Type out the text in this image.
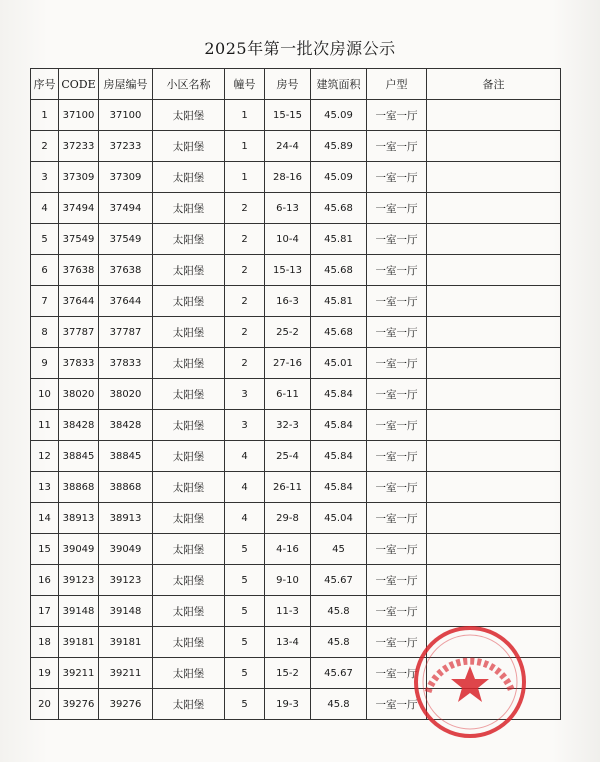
2025年第一批次房源公示
序号	CODE	房屋编号	小区名称	幢号	房号	建筑面积	户型	备注
1	37100	37100	太阳堡	1	15-15	45.09	一室一厅	
2	37233	37233	太阳堡	1	24-4	45.89	一室一厅	
3	37309	37309	太阳堡	1	28-16	45.09	一室一厅	
4	37494	37494	太阳堡	2	6-13	45.68	一室一厅	
5	37549	37549	太阳堡	2	10-4	45.81	一室一厅	
6	37638	37638	太阳堡	2	15-13	45.68	一室一厅	
7	37644	37644	太阳堡	2	16-3	45.81	一室一厅	
8	37787	37787	太阳堡	2	25-2	45.68	一室一厅	
9	37833	37833	太阳堡	2	27-16	45.01	一室一厅	
10	38020	38020	太阳堡	3	6-11	45.84	一室一厅	
11	38428	38428	太阳堡	3	32-3	45.84	一室一厅	
12	38845	38845	太阳堡	4	25-4	45.84	一室一厅	
13	38868	38868	太阳堡	4	26-11	45.84	一室一厅	
14	38913	38913	太阳堡	4	29-8	45.04	一室一厅	
15	39049	39049	太阳堡	5	4-16	45	一室一厅	
16	39123	39123	太阳堡	5	9-10	45.67	一室一厅	
17	39148	39148	太阳堡	5	11-3	45.8	一室一厅	
18	39181	39181	太阳堡	5	13-4	45.8	一室一厅	
19	39211	39211	太阳堡	5	15-2	45.67	一室一厅	
20	39276	39276	太阳堡	5	19-3	45.8	一室一厅	
